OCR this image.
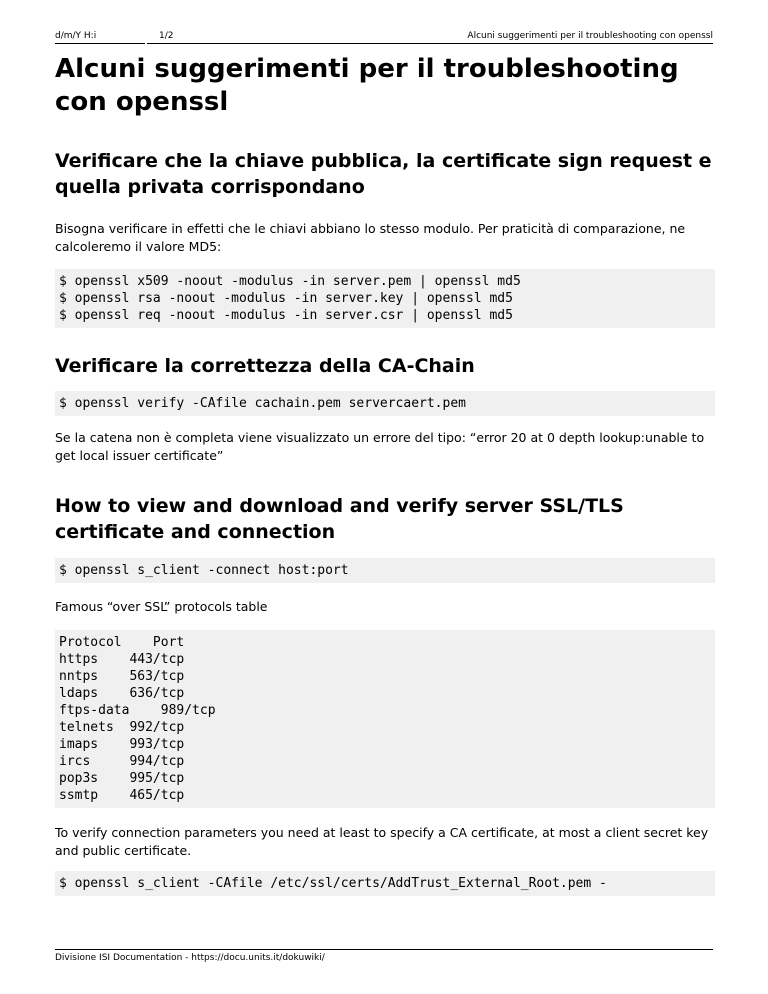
d/m/Y H:i	1/2	Alcuni suggerimenti per il troubleshooting con openssl
Alcuni suggerimenti per il troubleshooting con openssl
Verificare che la chiave pubblica, la certificate sign request e quella privata corrispondano

Bisogna verificare in effetti che le chiavi abbiano lo stesso modulo. Per praticità di comparazione, ne calcoleremo il valore MD5:

$ openssl x509 -noout -modulus -in server.pem | openssl md5
$ openssl rsa -noout -modulus -in server.key | openssl md5
$ openssl req -noout -modulus -in server.csr | openssl md5
Verificare la correttezza della CA-Chain
$ openssl verify -CAfile cachain.pem servercaert.pem

Se la catena non è completa viene visualizzato un errore del tipo: “error 20 at 0 depth lookup:unable to get local issuer certificate”

How to view and download and verify server SSL/TLS certificate and connection
$ openssl s_client -connect host:port

Famous “over SSL” protocols table

Protocol    Port
https    443/tcp
nntps    563/tcp
ldaps    636/tcp
ftps-data    989/tcp
telnets  992/tcp
imaps    993/tcp
ircs     994/tcp
pop3s    995/tcp
ssmtp    465/tcp

To verify connection parameters you need at least to specify a CA certificate, at most a client secret key and public certificate.

$ openssl s_client -CAfile /etc/ssl/certs/AddTrust_External_Root.pem -
Divisione ISI Documentation - https://docu.units.it/dokuwiki/
